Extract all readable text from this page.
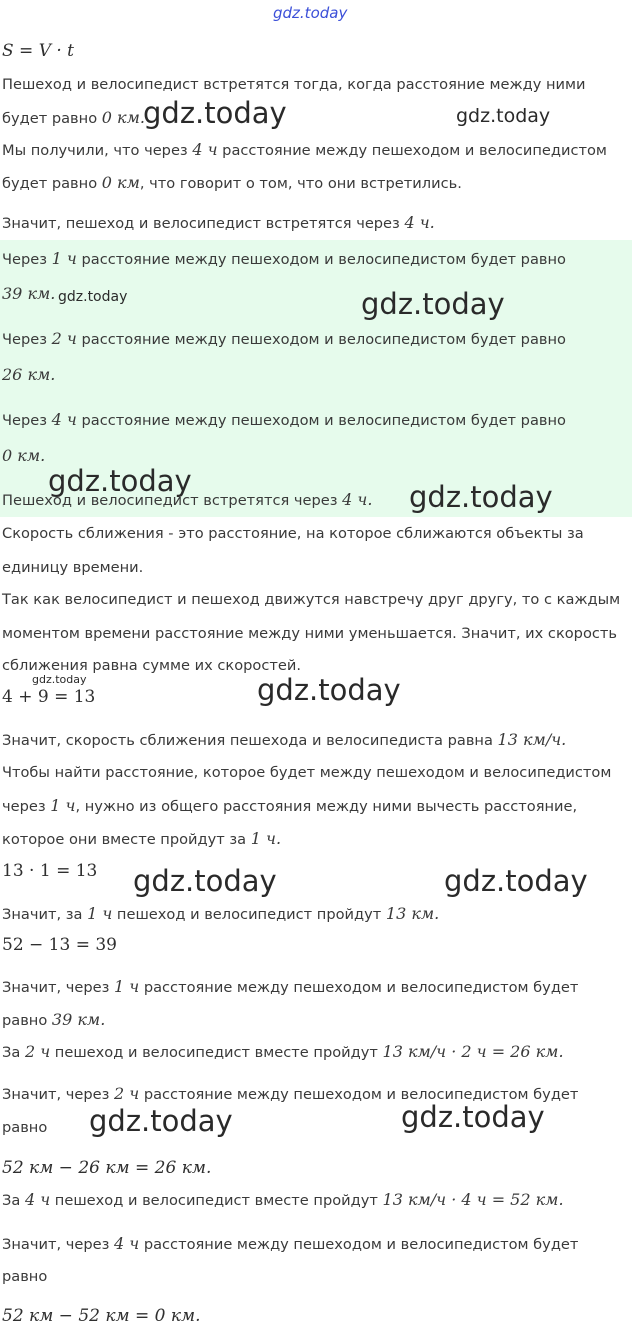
gdz.today
gdz.today	gdz.today
gdz.today	gdz.today
gdz.today	gdz.today
gdz.today	gdz.today
gdz.today	gdz.today
gdz.today	gdz.today
S = V · t
Пешеход и велосипедист встретятся тогда, когда расстояние между ними
будет равно 0 км.
Мы получили, что через 4 ч расстояние между пешеходом и велосипедистом
будет равно 0 км, что говорит о том, что они встретились.
Значит, пешеход и велосипедист встретятся через 4 ч.
Через 1 ч расстояние между пешеходом и велосипедистом будет равно
39 км.
Через 2 ч расстояние между пешеходом и велосипедистом будет равно
26 км.
Через 4 ч расстояние между пешеходом и велосипедистом будет равно
0 км.
Пешеход и велосипедист встретятся через 4 ч.
Скорость сближения - это расстояние, на которое сближаются объекты за
единицу времени.
Так как велосипедист и пешеход движутся навстречу друг другу, то с каждым
моментом времени расстояние между ними уменьшается. Значит, их скорость
сближения равна сумме их скоростей.
4 + 9 = 13
Значит, скорость сближения пешехода и велосипедиста равна 13 км/ч.
Чтобы найти расстояние, которое будет между пешеходом и велосипедистом
через 1 ч, нужно из общего расстояния между ними вычесть расстояние,
которое они вместе пройдут за 1 ч.
13 · 1 = 13
Значит, за 1 ч пешеход и велосипедист пройдут 13 км.
52 − 13 = 39
Значит, через 1 ч расстояние между пешеходом и велосипедистом будет
равно 39 км.
За 2 ч пешеход и велосипедист вместе пройдут 13 км/ч · 2 ч = 26 км.
Значит, через 2 ч расстояние между пешеходом и велосипедистом будет
равно
52 км − 26 км = 26 км.
За 4 ч пешеход и велосипедист вместе пройдут 13 км/ч · 4 ч = 52 км.
Значит, через 4 ч расстояние между пешеходом и велосипедистом будет
равно
52 км − 52 км = 0 км.
